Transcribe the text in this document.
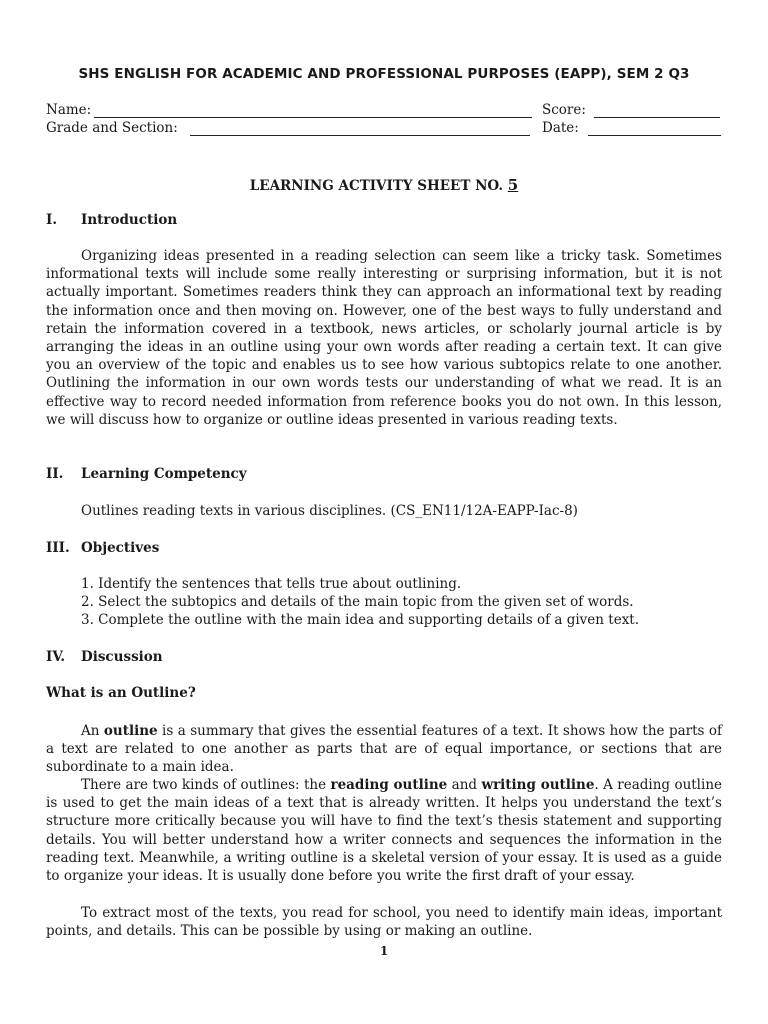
SHS ENGLISH FOR ACADEMIC AND PROFESSIONAL PURPOSES (EAPP), SEM 2 Q3
Name:	Score:
Grade and Section:	Date:
LEARNING ACTIVITY SHEET NO. 5
I. Introduction

Organizing ideas presented in a reading selection can seem like a tricky task. Sometimes informational texts will include some really interesting or surprising information, but it is not actually important. Sometimes readers think they can approach an informational text by reading the information once and then moving on. However, one of the best ways to fully understand and retain the information covered in a textbook, news articles, or scholarly journal article is by arranging the ideas in an outline using your own words after reading a certain text. It can give you an overview of the topic and enables us to see how various subtopics relate to one another. Outlining the information in our own words tests our understanding of what we read. It is an effective way to record needed information from reference books you do not own. In this lesson, we will discuss how to organize or outline ideas presented in various reading texts.

II. Learning Competency
Outlines reading texts in various disciplines. (CS_EN11/12A-EAPP-Iac-8)
III. Objectives
1. Identify the sentences that tells true about outlining.
2. Select the subtopics and details of the main topic from the given set of words.
3. Complete the outline with the main idea and supporting details of a given text.
IV. Discussion
What is an Outline?

An outline is a summary that gives the essential features of a text. It shows how the parts of a text are related to one another as parts that are of equal importance, or sections that are subordinate to a main idea.

There are two kinds of outlines: the reading outline and writing outline. A reading outline is used to get the main ideas of a text that is already written. It helps you understand the text’s structure more critically because you will have to find the text’s thesis statement and supporting details. You will better understand how a writer connects and sequences the information in the reading text. Meanwhile, a writing outline is a skeletal version of your essay. It is used as a guide to organize your ideas. It is usually done before you write the first draft of your essay.

To extract most of the texts, you read for school, you need to identify main ideas, important points, and details. This can be possible by using or making an outline.

1
